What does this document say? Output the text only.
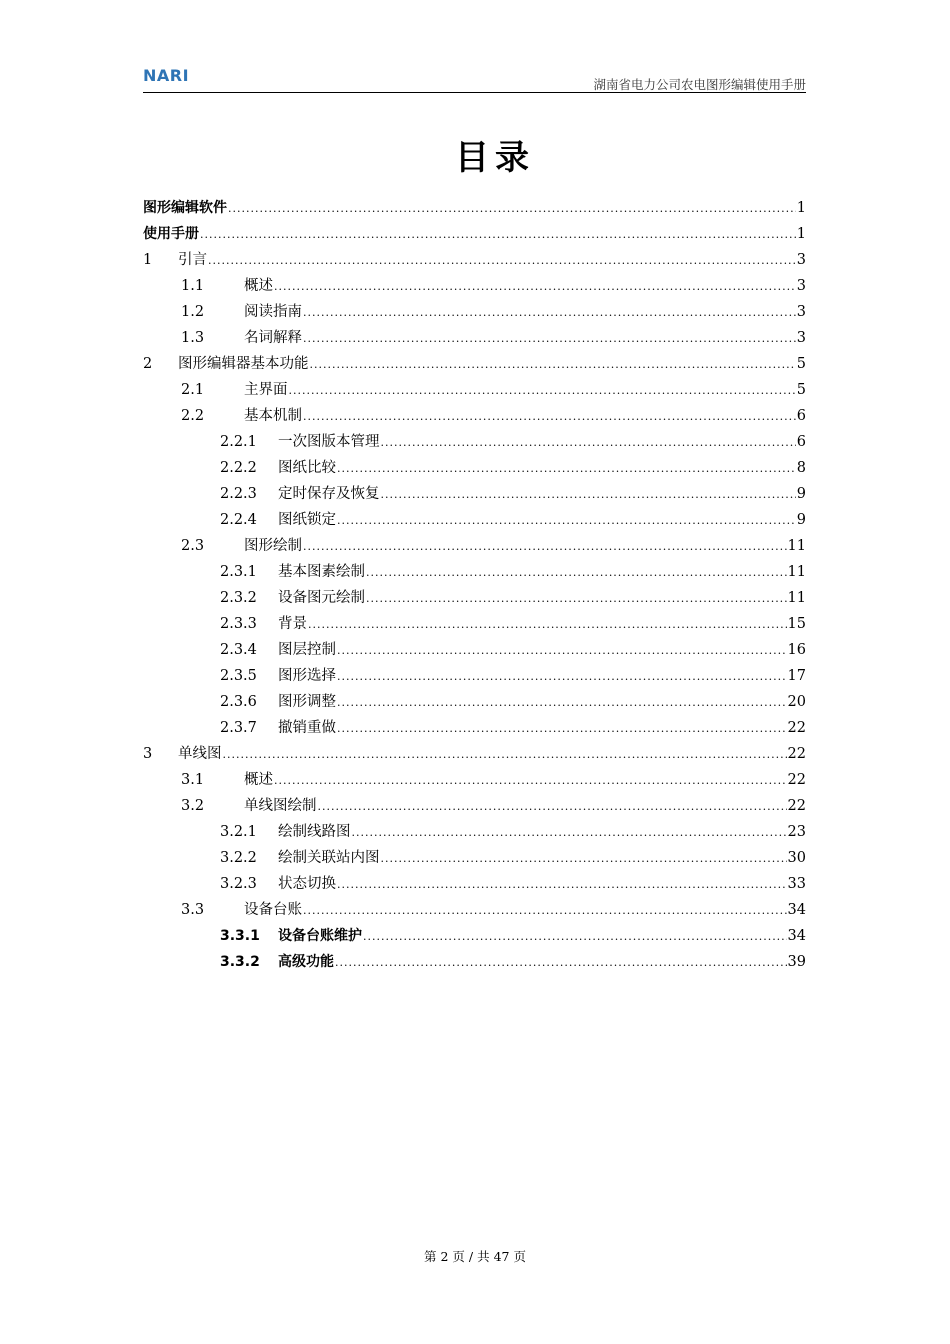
NARI	湖南省电力公司农电图形编辑使用手册
目录
图形编辑软件 .....	1
使用手册 .....	1
1	引言 .....	3
1.1	概述 .....	3
1.2	阅读指南 .....	3
1.3	名词解释 .....	3
2	图形编辑器基本功能 .....	5
2.1	主界面 .....	5
2.2	基本机制 .....	6
2.2.1	一次图版本管理 .....	6
2.2.2	图纸比较 .....	8
2.2.3	定时保存及恢复 .....	9
2.2.4	图纸锁定 .....	9
2.3	图形绘制 .....	11
2.3.1	基本图素绘制 .....	11
2.3.2	设备图元绘制 .....	11
2.3.3	背景 .....	15
2.3.4	图层控制 .....	16
2.3.5	图形选择 .....	17
2.3.6	图形调整 .....	20
2.3.7	撤销重做 .....	22
3	单线图 .....	22
3.1	概述 .....	22
3.2	单线图绘制 .....	22
3.2.1	绘制线路图 .....	23
3.2.2	绘制关联站内图 .....	30
3.2.3	状态切换 .....	33
3.3	设备台账 .....	34
3.3.1	设备台账维护 .....	34
3.3.2	高级功能 .....	39
第 2 页 / 共 47 页
